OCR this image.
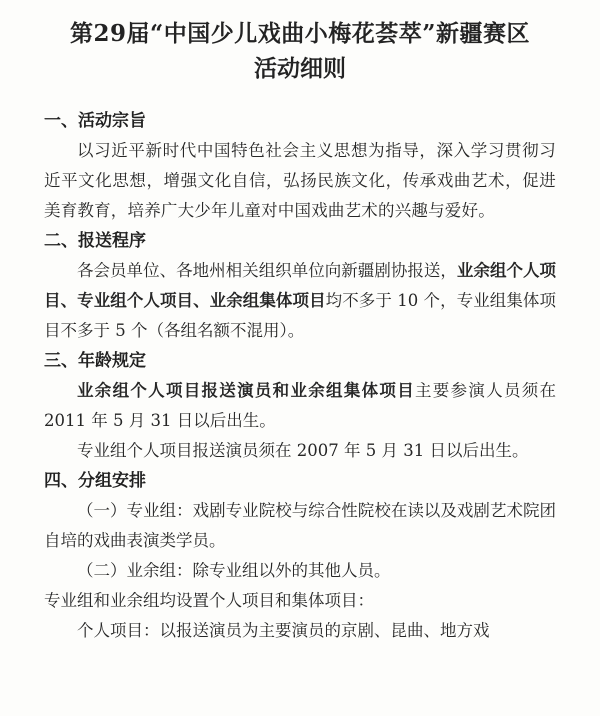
第29届“中国少儿戏曲小梅花荟萃”新疆赛区
活动细则
一、活动宗旨

以习近平新时代中国特色社会主义思想为指导，深入学习贯彻习近平文化思想，增强文化自信，弘扬民族文化，传承戏曲艺术，促进美育教育，培养广大少年儿童对中国戏曲艺术的兴趣与爱好。

二、报送程序

各会员单位、各地州相关组织单位向新疆剧协报送，业余组个人项目、专业组个人项目、业余组集体项目均不多于 10 个，专业组集体项目不多于 5 个（各组名额不混用）。

三、年龄规定

业余组个人项目报送演员和业余组集体项目主要参演人员须在 2011 年 5 月 31 日以后出生。

专业组个人项目报送演员须在 2007 年 5 月 31 日以后出生。

四、分组安排

（一）专业组：戏剧专业院校与综合性院校在读以及戏剧艺术院团自培的戏曲表演类学员。

（二）业余组：除专业组以外的其他人员。

专业组和业余组均设置个人项目和集体项目：
个人项目：以报送演员为主要演员的京剧、昆曲、地方戏
